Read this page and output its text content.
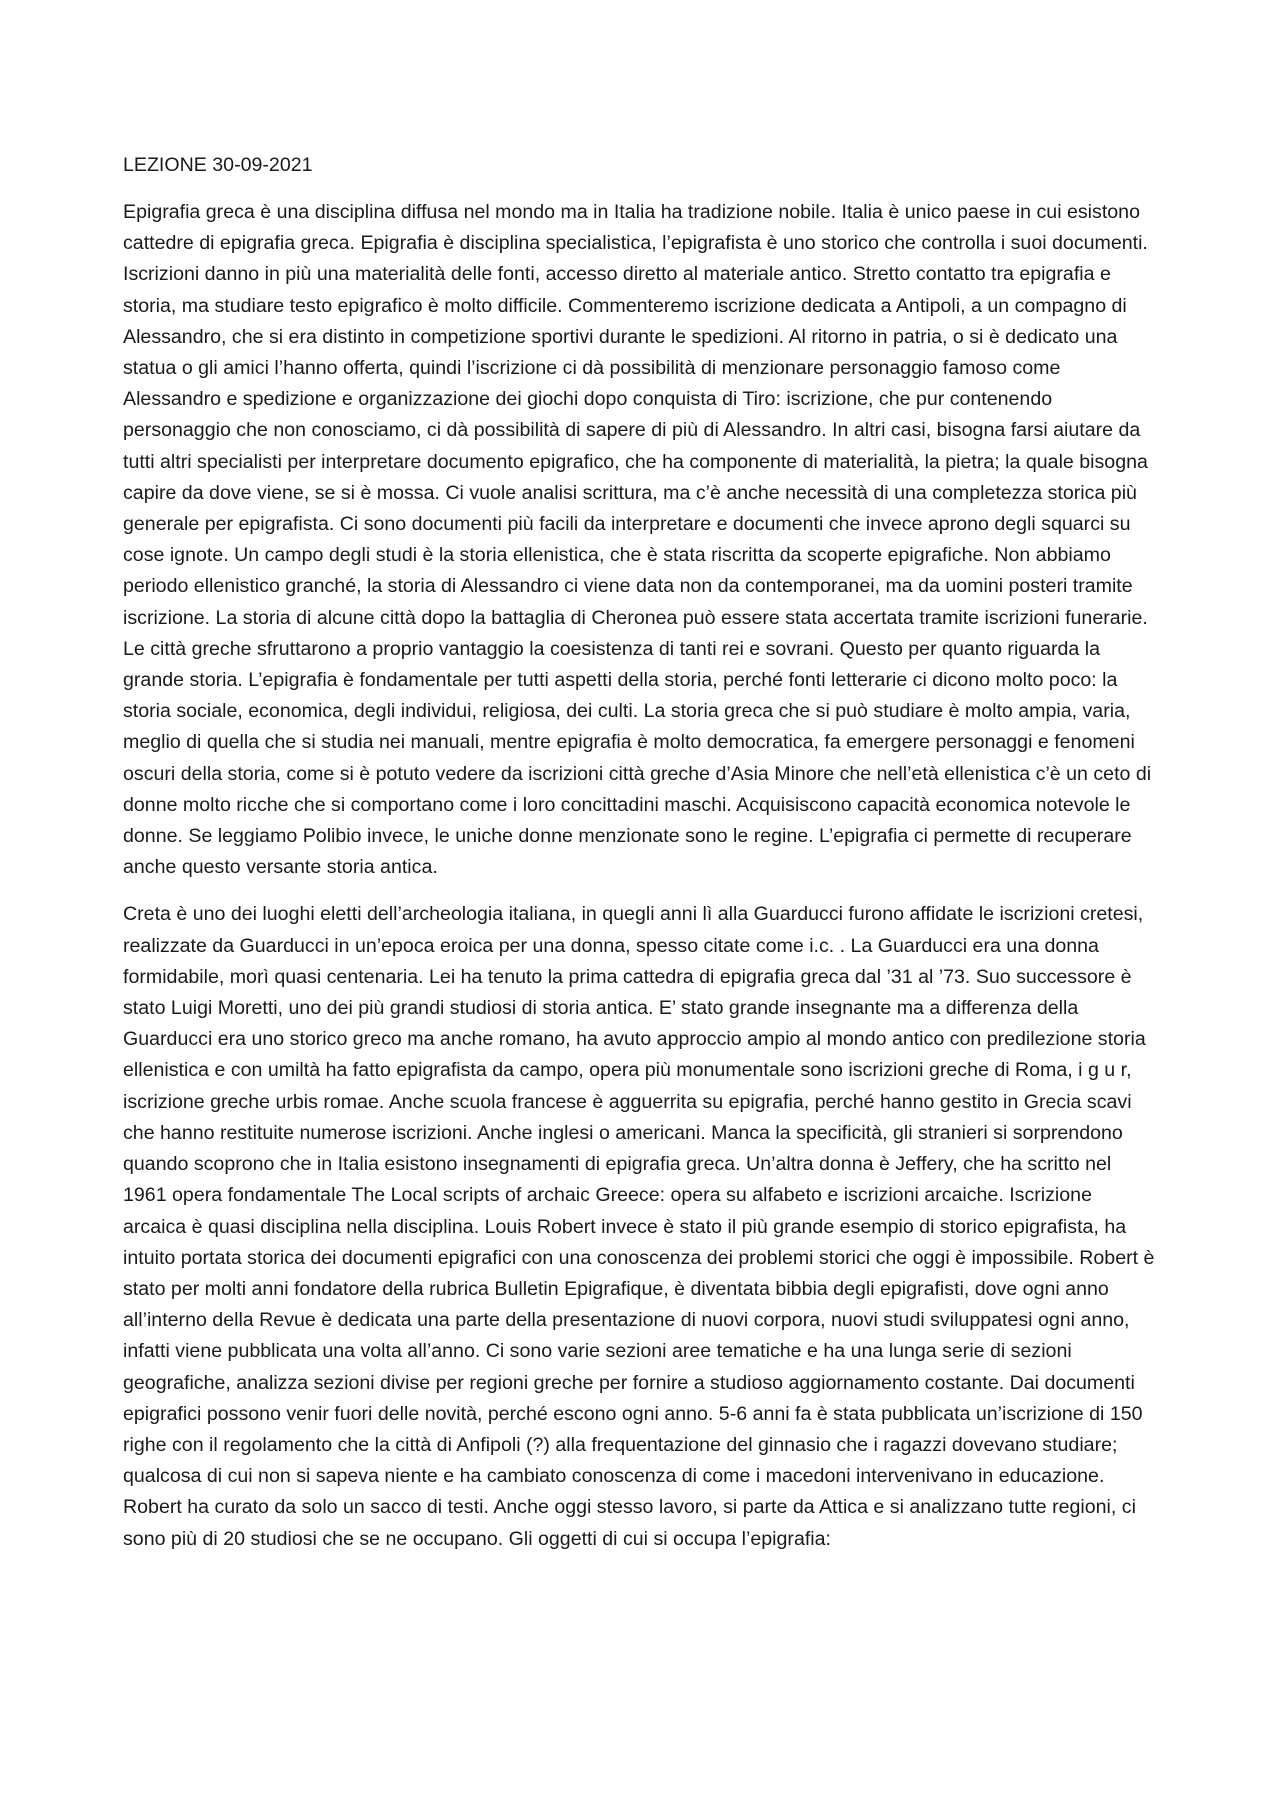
LEZIONE 30-09-2021

Epigrafia greca è una disciplina diffusa nel mondo ma in Italia ha tradizione nobile. Italia è unico paese in cui esistono cattedre di epigrafia greca. Epigrafia è disciplina specialistica, l’epigrafista è uno storico che controlla i suoi documenti. Iscrizioni danno in più una materialità delle fonti, accesso diretto al materiale antico. Stretto contatto tra epigrafia e storia, ma studiare testo epigrafico è molto difficile. Commenteremo iscrizione dedicata a Antipoli, a un compagno di Alessandro, che si era distinto in competizione sportivi durante le spedizioni. Al ritorno in patria, o si è dedicato una statua o gli amici l’hanno offerta, quindi l’iscrizione ci dà possibilità di menzionare personaggio famoso come Alessandro e spedizione e organizzazione dei giochi dopo conquista di Tiro: iscrizione, che pur contenendo personaggio che non conosciamo, ci dà possibilità di sapere di più di Alessandro. In altri casi, bisogna farsi aiutare da tutti altri specialisti per interpretare documento epigrafico, che ha componente di materialità, la pietra; la quale bisogna capire da dove viene, se si è mossa. Ci vuole analisi scrittura, ma c’è anche necessità di una completezza storica più generale per epigrafista. Ci sono documenti più facili da interpretare e documenti che invece aprono degli squarci su cose ignote. Un campo degli studi è la storia ellenistica, che è stata riscritta da scoperte epigrafiche. Non abbiamo periodo ellenistico granché, la storia di Alessandro ci viene data non da contemporanei, ma da uomini posteri tramite iscrizione. La storia di alcune città dopo la battaglia di Cheronea può essere stata accertata tramite iscrizioni funerarie. Le città greche sfruttarono a proprio vantaggio la coesistenza di tanti rei e sovrani. Questo per quanto riguarda la grande storia. L’epigrafia è fondamentale per tutti aspetti della storia, perché fonti letterarie ci dicono molto poco: la storia sociale, economica, degli individui, religiosa, dei culti. La storia greca che si può studiare è molto ampia, varia, meglio di quella che si studia nei manuali, mentre epigrafia è molto democratica, fa emergere personaggi e fenomeni oscuri della storia, come si è potuto vedere da iscrizioni città greche d’Asia Minore che nell’età ellenistica c’è un ceto di donne molto ricche che si comportano come i loro concittadini maschi. Acquisiscono capacità economica notevole le donne. Se leggiamo Polibio invece, le uniche donne menzionate sono le regine. L’epigrafia ci permette di recuperare anche questo versante storia antica.

Creta è uno dei luoghi eletti dell’archeologia italiana, in quegli anni lì alla Guarducci furono affidate le iscrizioni cretesi, realizzate da Guarducci in un’epoca eroica per una donna, spesso citate come i.c. . La Guarducci era una donna formidabile, morì quasi centenaria. Lei ha tenuto la prima cattedra di epigrafia greca dal ’31 al ’73. Suo successore è stato Luigi Moretti, uno dei più grandi studiosi di storia antica. E’ stato grande insegnante ma a differenza della Guarducci era uno storico greco ma anche romano, ha avuto approccio ampio al mondo antico con predilezione storia ellenistica e con umiltà ha fatto epigrafista da campo, opera più monumentale sono iscrizioni greche di Roma, i g u r, iscrizione greche urbis romae. Anche scuola francese è agguerrita su epigrafia, perché hanno gestito in Grecia scavi che hanno restituite numerose iscrizioni. Anche inglesi o americani. Manca la specificità, gli stranieri si sorprendono quando scoprono che in Italia esistono insegnamenti di epigrafia greca. Un’altra donna è Jeffery, che ha scritto nel 1961 opera fondamentale The Local scripts of archaic Greece: opera su alfabeto e iscrizioni arcaiche. Iscrizione arcaica è quasi disciplina nella disciplina. Louis Robert invece è stato il più grande esempio di storico epigrafista, ha intuito portata storica dei documenti epigrafici con una conoscenza dei problemi storici che oggi è impossibile. Robert è stato per molti anni fondatore della rubrica Bulletin Epigrafique, è diventata bibbia degli epigrafisti, dove ogni anno all’interno della Revue è dedicata una parte della presentazione di nuovi corpora, nuovi studi sviluppatesi ogni anno, infatti viene pubblicata una volta all’anno. Ci sono varie sezioni aree tematiche e ha una lunga serie di sezioni geografiche, analizza sezioni divise per regioni greche per fornire a studioso aggiornamento costante. Dai documenti epigrafici possono venir fuori delle novità, perché escono ogni anno. 5-6 anni fa è stata pubblicata un’iscrizione di 150 righe con il regolamento che la città di Anfipoli (?) alla frequentazione del ginnasio che i ragazzi dovevano studiare; qualcosa di cui non si sapeva niente e ha cambiato conoscenza di come i macedoni intervenivano in educazione. Robert ha curato da solo un sacco di testi. Anche oggi stesso lavoro, si parte da Attica e si analizzano tutte regioni, ci sono più di 20 studiosi che se ne occupano. Gli oggetti di cui si occupa l’epigrafia:
